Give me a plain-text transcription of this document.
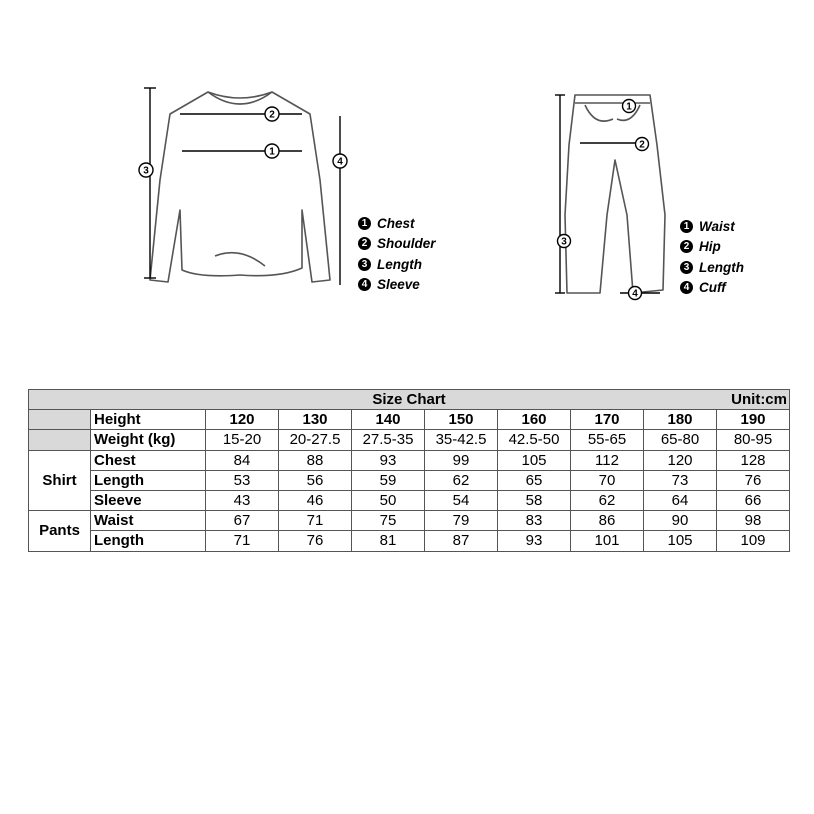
3
2
1
4
1 Chest
2 Shoulder
3 Length
4 Sleeve
1
2
3
4
1 Waist
2 Hip
3 Length
4 Cuff
Size Chart Unit:cm									

	Height	120	130	140	150	160	170	180	190
	Weight (kg)	15-20	20-27.5	27.5-35	35-42.5	42.5-50	55-65	65-80	80-95
Shirt	Chest	84	88	93	99	105	112	120	128
	Length	53	56	59	62	65	70	73	76
	Sleeve	43	46	50	54	58	62	64	66
Pants	Waist	67	71	75	79	83	86	90	98
	Length	71	76	81	87	93	101	105	109
